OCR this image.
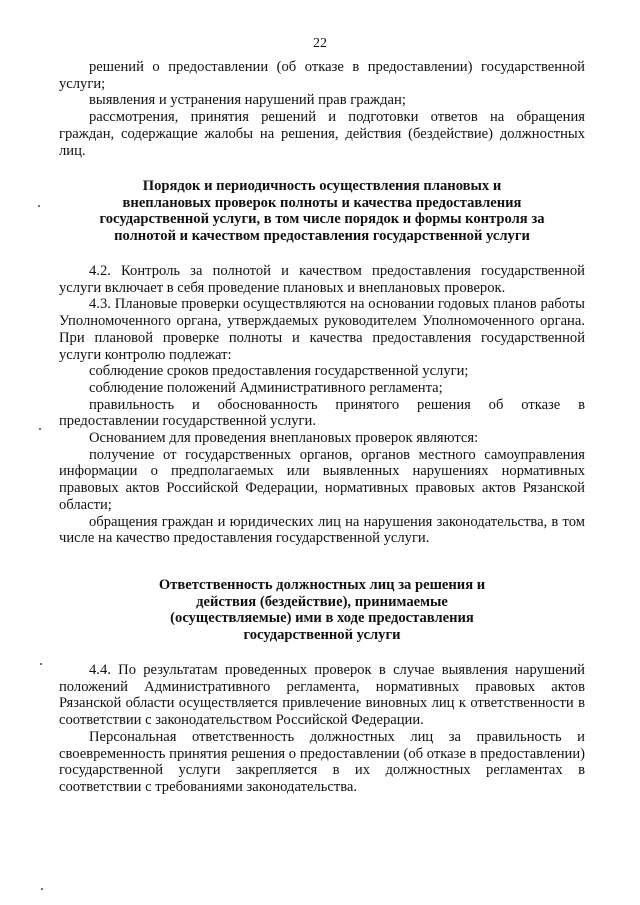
22

решений о предоставлении (об отказе в предоставлении) государственной

услуги;

выявления и устранения нарушений прав граждан;

рассмотрения, принятия решений и подготовки ответов на обращения

граждан, содержащие жалобы на решения, действия (бездействие) должностных лиц.

Порядок и периодичность осуществления плановых и
внеплановых проверок полноты и качества предоставления
государственной услуги, в том числе порядок и формы контроля за
полнотой и качеством предоставления государственной услуги

4.2. Контроль за полнотой и качеством предоставления государственной услуги включает в себя проведение плановых и внеплановых проверок.

4.3. Плановые проверки осуществляются на основании годовых планов работы Уполномоченного органа, утверждаемых руководителем Уполномоченного органа. При плановой проверке полноты и качества предоставления государственной услуги контролю подлежат:

соблюдение сроков предоставления государственной услуги;

соблюдение положений Административного регламента;

правильность и обоснованность принятого решения об отказе в предоставлении государственной услуги.

Основанием для проведения внеплановых проверок являются:

получение от государственных органов, органов местного самоуправления информации о предполагаемых или выявленных нарушениях нормативных правовых актов Российской Федерации, нормативных правовых актов Рязанской области;

обращения граждан и юридических лиц на нарушения законодательства, в том числе на качество предоставления государственной услуги.

Ответственность должностных лиц за решения и
действия (бездействие), принимаемые
(осуществляемые) ими в ходе предоставления
государственной услуги

4.4. По результатам проведенных проверок в случае выявления нарушений положений Административного регламента, нормативных правовых актов Рязанской области осуществляется привлечение виновных лиц к ответственности в соответствии с законодательством Российской Федерации.

Персональная ответственность должностных лиц за правильность и своевременность принятия решения о предоставлении (об отказе в предоставлении) государственной услуги закрепляется в их должностных регламентах в соответствии с требованиями законодательства.
